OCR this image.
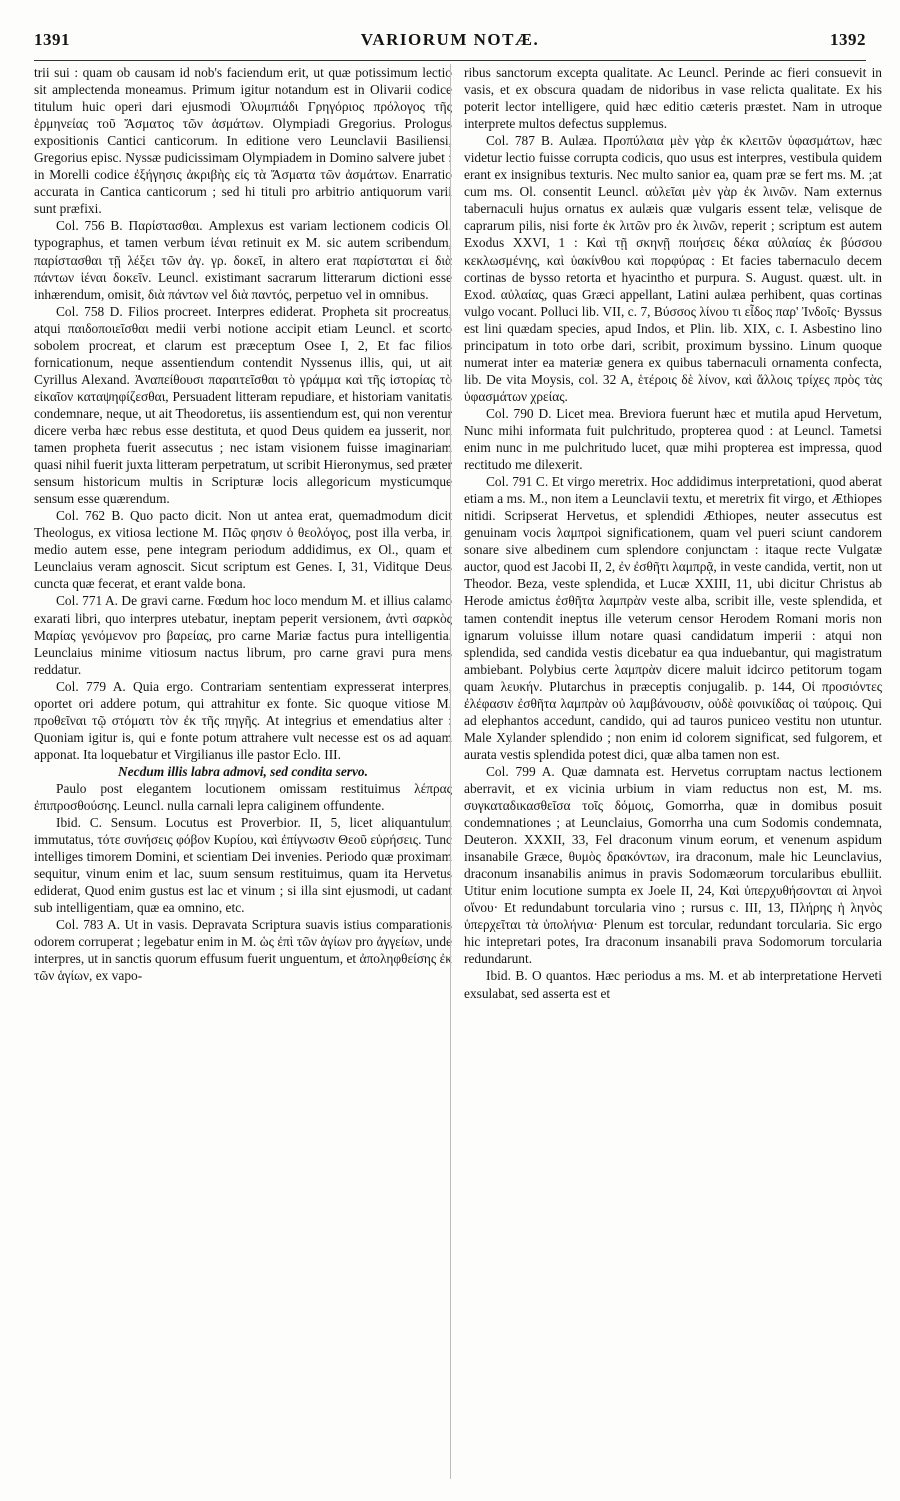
1391	VARIORUM NOTÆ.	1392

trii sui : quam ob causam id nob's faciendum erit, ut quæ potissimum lectio sit amplectenda moneamus. Primum igitur notandum est in Olivarii codice titulum huic operi dari ejusmodi Ὀλυμπιάδι Γρηγόριος πρόλογος τῆς ἑρμηνείας τοῦ Ἄσματος τῶν ἀσμάτων. Olympiadi Gregorius. Prologus expositionis Cantici canticorum. In editione vero Leunclavii Basiliensi, Gregorius episc. Nyssæ pudicissimam Olympiadem in Domino salvere jubet : in Morelli codice ἐξήγησις ἀκριβὴς εἰς τὰ Ἄσματα τῶν ἀσμάτων. Enarratio accurata in Cantica canticorum ; sed hi tituli pro arbitrio antiquorum varii sunt præfixi.

Col. 756 B. Παρίστασθαι. Amplexus est variam lectionem codicis Ol. typographus, et tamen verbum ἰέναι retinuit ex M. sic autem scribendum, παρίστασθαι τῇ λέξει τῶν ἁγ. γρ. δοκεῖ, in altero erat παρίσταται εἰ διὰ πάντων ἰέναι δοκεῖν. Leuncl. existimant sacrarum litterarum dictioni esse inhærendum, omisit, διὰ πάντων vel διὰ παντός, perpetuo vel in omnibus.

Col. 758 D. Filios procreet. Interpres ediderat. Propheta sit procreatus, atqui παιδοποιεῖσθαι medii verbi notione accipit etiam Leuncl. et scorto sobolem procreat, et clarum est præceptum Osee I, 2, Et fac filios fornicationum, neque assentiendum contendit Nyssenus illis, qui, ut ait Cyrillus Alexand. Ἀναπείθουσι παραιτεῖσθαι τὸ γράμμα καὶ τῆς ἱστορίας τὸ εἰκαῖον καταψηφίζεσθαι, Persuadent litteram repudiare, et historiam vanitatis condemnare, neque, ut ait Theodoretus, iis assentiendum est, qui non verentur dicere verba hæc rebus esse destituta, et quod Deus quidem ea jusserit, non tamen propheta fuerit assecutus ; nec istam visionem fuisse imaginariam quasi nihil fuerit juxta litteram perpetratum, ut scribit Hieronymus, sed præter sensum historicum multis in Scripturæ locis allegoricum mysticumque sensum esse quærendum.

Col. 762 B. Quo pacto dicit. Non ut antea erat, quemadmodum dicit Theologus, ex vitiosa lectione M. Πῶς φησιν ὁ θεολόγος, post illa verba, in medio autem esse, pene integram periodum addidimus, ex Ol., quam et Leunclaius veram agnoscit. Sicut scriptum est Genes. I, 31, Viditque Deus cuncta quæ fecerat, et erant valde bona.

Col. 771 A. De gravi carne. Fœdum hoc loco mendum M. et illius calamo exarati libri, quo interpres utebatur, ineptam peperit versionem, ἀντὶ σαρκὸς Μαρίας γενόμενον pro βαρείας, pro carne Mariæ factus pura intelligentia. Leunclaius minime vitiosum nactus librum, pro carne gravi pura mens reddatur.

Col. 779 A. Quia ergo. Contrariam sententiam expresserat interpres, oportet ori addere potum, qui attrahitur ex fonte. Sic quoque vitiose M. προθεῖναι τῷ στόματι τὸν ἐκ τῆς πηγῆς. At integrius et emendatius alter : Quoniam igitur is, qui e fonte potum attrahere vult necesse est os ad aquam apponat. Ita loquebatur et Virgilianus ille pastor Eclo. III.

Necdum illis labra admovi, sed condita servo.

Paulo post elegantem locutionem omissam restituimus λέπρας ἐπιπροσθούσης. Leuncl. nulla carnali lepra caliginem offundente.

Ibid. C. Sensum. Locutus est Proverbior. II, 5, licet aliquantulum immutatus, τότε συνήσεις φόβον Κυρίου, καὶ ἐπίγνωσιν Θεοῦ εὑρήσεις. Tunc intelliges timorem Domini, et scientiam Dei invenies. Periodo quæ proximam sequitur, vinum enim et lac, suum sensum restituimus, quam ita Hervetus ediderat, Quod enim gustus est lac et vinum ; si illa sint ejusmodi, ut cadant sub intelligentiam, quæ ea omnino, etc.

Col. 783 A. Ut in vasis. Depravata Scriptura suavis istius comparationis odorem corruperat ; legebatur enim in M. ὡς ἐπὶ τῶν ἁγίων pro ἀγγείων, unde interpres, ut in sanctis quorum effusum fuerit unguentum, et ἀποληφθείσης ἐκ τῶν ἁγίων, ex vapo-

ribus sanctorum excepta qualitate. Ac Leuncl. Perinde ac fieri consuevit in vasis, et ex obscura quadam de nidoribus in vase relicta qualitate. Ex his poterit lector intelligere, quid hæc editio cæteris præstet. Nam in utroque interprete multos defectus supplemus.

Col. 787 B. Aulæa. Προπύλαια μὲν γὰρ ἐκ κλειτῶν ὑφασμάτων, hæc videtur lectio fuisse corrupta codicis, quo usus est interpres, vestibula quidem erant ex insignibus texturis. Nec multo sanior ea, quam præ se fert ms. M. ;at cum ms. Ol. consentit Leuncl. αὐλεῖαι μὲν γὰρ ἐκ λινῶν. Nam externus tabernaculi hujus ornatus ex aulæis quæ vulgaris essent telæ, velisque de caprarum pilis, nisi forte ἐκ λιτῶν pro ἐκ λινῶν, reperit ; scriptum est autem Exodus XXVI, 1 : Καὶ τῇ σκηνῇ ποιήσεις δέκα αὐλαίας ἐκ βύσσου κεκλωσμένης, καὶ ὑακίνθου καὶ πορφύρας : Et facies tabernaculo decem cortinas de bysso retorta et hyacintho et purpura. S. August. quæst. ult. in Exod. αὐλαίας, quas Græci appellant, Latini aulæa perhibent, quas cortinas vulgo vocant. Polluci lib. VII, c. 7, Βύσσος λίνου τι εἶδος παρ' Ἰνδοῖς· Byssus est lini quædam species, apud Indos, et Plin. lib. XIX, c. I. Asbestino lino principatum in toto orbe dari, scribit, proximum byssino. Linum quoque numerat inter ea materiæ genera ex quibus tabernaculi ornamenta confecta, lib. De vita Moysis, col. 32 A, ἑτέροις δὲ λίνον, καὶ ἄλλοις τρίχες πρὸς τὰς ὑφασμάτων χρείας.

Col. 790 D. Licet mea. Breviora fuerunt hæc et mutila apud Hervetum, Nunc mihi informata fuit pulchritudo, propterea quod : at Leuncl. Tametsi enim nunc in me pulchritudo lucet, quæ mihi propterea est impressa, quod rectitudo me dilexerit.

Col. 791 C. Et virgo meretrix. Hoc addidimus interpretationi, quod aberat etiam a ms. M., non item a Leunclavii textu, et meretrix fit virgo, et Æthiopes nitidi. Scripserat Hervetus, et splendidi Æthiopes, neuter assecutus est genuinam vocis λαμπροὶ significationem, quam vel pueri sciunt candorem sonare sive albedinem cum splendore conjunctam : itaque recte Vulgatæ auctor, quod est Jacobi II, 2, ἐν ἐσθῆτι λαμπρᾷ, in veste candida, vertit, non ut Theodor. Beza, veste splendida, et Lucæ XXIII, 11, ubi dicitur Christus ab Herode amictus ἐσθῆτα λαμπρὰν veste alba, scribit ille, veste splendida, et tamen contendit ineptus ille veterum censor Herodem Romani moris non ignarum voluisse illum notare quasi candidatum imperii : atqui non splendida, sed candida vestis dicebatur ea qua induebantur, qui magistratum ambiebant. Polybius certe λαμπρὰν dicere maluit idcirco petitorum togam quam λευκήν. Plutarchus in præceptis conjugalib. p. 144, Οἱ προσιόντες ἐλέφασιν ἐσθῆτα λαμπρὰν οὐ λαμβάνουσιν, οὐδὲ φοινικίδας οἱ ταύροις. Qui ad elephantos accedunt, candido, qui ad tauros puniceo vestitu non utuntur. Male Xylander splendido ; non enim id colorem significat, sed fulgorem, et aurata vestis splendida potest dici, quæ alba tamen non est.

Col. 799 A. Quæ damnata est. Hervetus corruptam nactus lectionem aberravit, et ex vicinia urbium in viam reductus non est, M. ms. συγκαταδικασθεῖσα τοῖς δόμοις, Gomorrha, quæ in domibus posuit condemnationes ; at Leunclaius, Gomorrha una cum Sodomis condemnata, Deuteron. XXXII, 33, Fel draconum vinum eorum, et venenum aspidum insanabile Græce, θυμὸς δρακόντων, ira draconum, male hic Leunclavius, draconum insanabilis animus in pravis Sodomæorum torcularibus ebulliit. Utitur enim locutione sumpta ex Joele II, 24, Καὶ ὑπερχυθήσονται αἱ ληνοὶ οἴνου· Et redundabunt torcularia vino ; rursus c. III, 13, Πλήρης ἡ ληνὸς ὑπερχεῖται τὰ ὑπολήνια· Plenum est torcular, redundant torcularia. Sic ergo hic intepretari potes, Ira draconum insanabili prava Sodomorum torcularia redundarunt.

Ibid. B. O quantos. Hæc periodus a ms. M. et ab interpretatione Herveti exsulabat, sed asserta est et
